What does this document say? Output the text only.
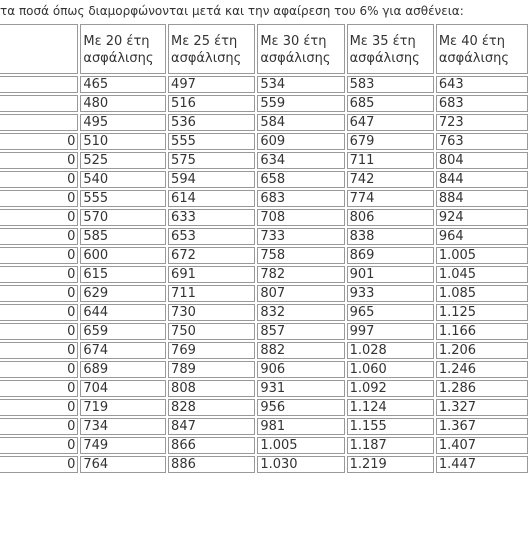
τα ποσά όπως διαμορφώνονται μετά και την αφαίρεση του 6% για ασθένεια:

	Με 20 έτη
ασφάλισης	Με 25 έτη
ασφάλισης	Με 30 έτη
ασφάλισης	Με 35 έτη
ασφάλισης	Με 40 έτη
ασφάλισης
	465	497	534	583	643
	480	516	559	685	683
	495	536	584	647	723
0	510	555	609	679	763
0	525	575	634	711	804
0	540	594	658	742	844
0	555	614	683	774	884
0	570	633	708	806	924
0	585	653	733	838	964
0	600	672	758	869	1.005
0	615	691	782	901	1.045
0	629	711	807	933	1.085
0	644	730	832	965	1.125
0	659	750	857	997	1.166
0	674	769	882	1.028	1.206
0	689	789	906	1.060	1.246
0	704	808	931	1.092	1.286
0	719	828	956	1.124	1.327
0	734	847	981	1.155	1.367
0	749	866	1.005	1.187	1.407
0	764	886	1.030	1.219	1.447
